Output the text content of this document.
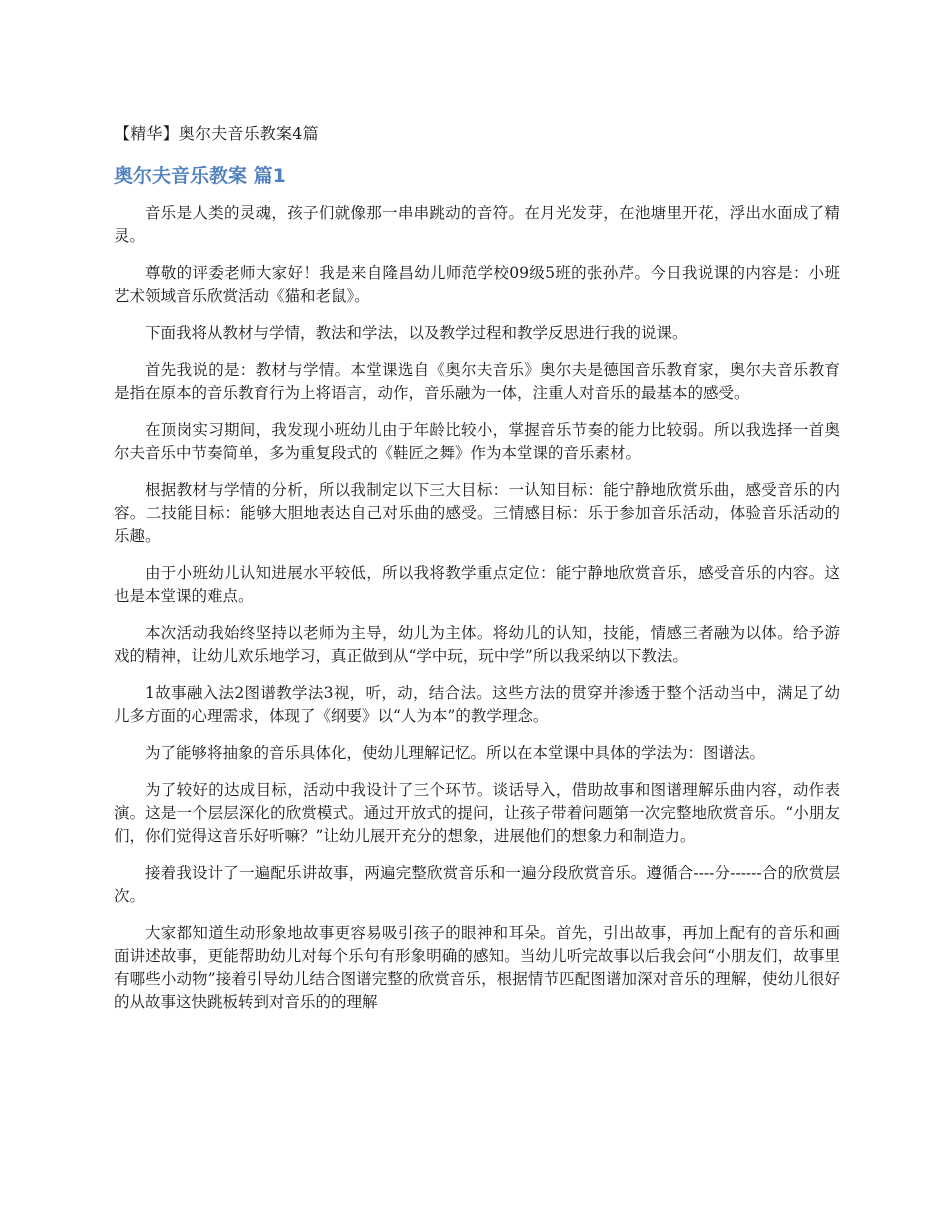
【精华】奥尔夫音乐教案4篇
奥尔夫音乐教案 篇1

音乐是人类的灵魂，孩子们就像那一串串跳动的音符。在月光发芽，在池塘里开花，浮出水面成了精灵。

尊敬的评委老师大家好！我是来自隆昌幼儿师范学校09级5班的张孙芹。今日我说课的内容是：小班艺术领域音乐欣赏活动《猫和老鼠》。

下面我将从教材与学情，教法和学法，以及教学过程和教学反思进行我的说课。

首先我说的是：教材与学情。本堂课选自《奥尔夫音乐》奥尔夫是德国音乐教育家，奥尔夫音乐教育是指在原本的音乐教育行为上将语言，动作，音乐融为一体，注重人对音乐的最基本的感受。

在顶岗实习期间，我发现小班幼儿由于年龄比较小，掌握音乐节奏的能力比较弱。所以我选择一首奥尔夫音乐中节奏简单，多为重复段式的《鞋匠之舞》作为本堂课的音乐素材。

根据教材与学情的分析，所以我制定以下三大目标：一认知目标：能宁静地欣赏乐曲，感受音乐的内容。二技能目标：能够大胆地表达自己对乐曲的感受。三情感目标：乐于参加音乐活动，体验音乐活动的乐趣。

由于小班幼儿认知进展水平较低，所以我将教学重点定位：能宁静地欣赏音乐，感受音乐的内容。这也是本堂课的难点。

本次活动我始终坚持以老师为主导，幼儿为主体。将幼儿的认知，技能，情感三者融为以体。给予游戏的精神，让幼儿欢乐地学习，真正做到从“学中玩，玩中学”所以我采纳以下教法。

1故事融入法2图谱教学法3视，听，动，结合法。这些方法的贯穿并渗透于整个活动当中，满足了幼儿多方面的心理需求，体现了《纲要》以“人为本”的教学理念。

为了能够将抽象的音乐具体化，使幼儿理解记忆。所以在本堂课中具体的学法为：图谱法。

为了较好的达成目标，活动中我设计了三个环节。谈话导入，借助故事和图谱理解乐曲内容，动作表演。这是一个层层深化的欣赏模式。通过开放式的提问，让孩子带着问题第一次完整地欣赏音乐。“小朋友们，你们觉得这音乐好听嘛？”让幼儿展开充分的想象，进展他们的想象力和制造力。

接着我设计了一遍配乐讲故事，两遍完整欣赏音乐和一遍分段欣赏音乐。遵循合----分------合的欣赏层次。

大家都知道生动形象地故事更容易吸引孩子的眼神和耳朵。首先，引出故事，再加上配有的音乐和画面讲述故事，更能帮助幼儿对每个乐句有形象明确的感知。当幼儿听完故事以后我会问“小朋友们，故事里有哪些小动物”接着引导幼儿结合图谱完整的欣赏音乐，根据情节匹配图谱加深对音乐的理解，使幼儿很好的从故事这快跳板转到对音乐的的理解
